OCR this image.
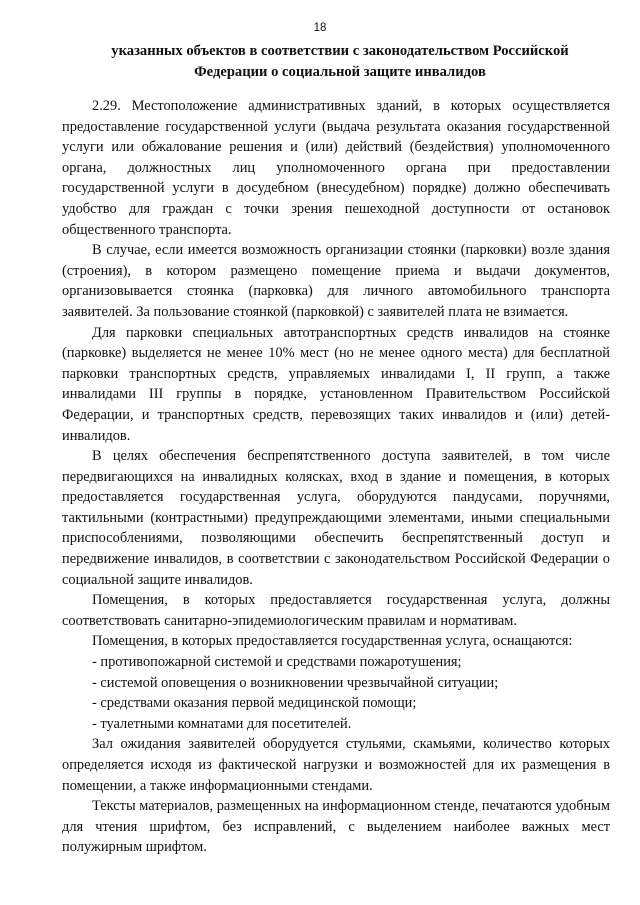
18
указанных объектов в соответствии с законодательством Российской
Федерации о социальной защите инвалидов

2.29. Местоположение административных зданий, в которых осуществляется предоставление государственной услуги (выдача результата оказания государственной услуги или обжалование решения и (или) действий (бездействия) уполномоченного органа, должностных лиц уполномоченного органа при предоставлении государственной услуги в досудебном (внесудебном) порядке) должно обеспечивать удобство для граждан с точки зрения пешеходной доступности от остановок общественного транспорта.

В случае, если имеется возможность организации стоянки (парковки) возле здания (строения), в котором размещено помещение приема и выдачи документов, организовывается стоянка (парковка) для личного автомобильного транспорта заявителей. За пользование стоянкой (парковкой) с заявителей плата не взимается.

Для парковки специальных автотранспортных средств инвалидов на стоянке (парковке) выделяется не менее 10% мест (но не менее одного места) для бесплатной парковки транспортных средств, управляемых инвалидами I, II групп, а также инвалидами III группы в порядке, установленном Правительством Российской Федерации, и транспортных средств, перевозящих таких инвалидов и (или) детей-инвалидов.

В целях обеспечения беспрепятственного доступа заявителей, в том числе передвигающихся на инвалидных колясках, вход в здание и помещения, в которых предоставляется государственная услуга, оборудуются пандусами, поручнями, тактильными (контрастными) предупреждающими элементами, иными специальными приспособлениями, позволяющими обеспечить беспрепятственный доступ и передвижение инвалидов, в соответствии с законодательством Российской Федерации о социальной защите инвалидов.

Помещения, в которых предоставляется государственная услуга, должны соответствовать санитарно-эпидемиологическим правилам и нормативам.

Помещения, в которых предоставляется государственная услуга, оснащаются:

- противопожарной системой и средствами пожаротушения;

- системой оповещения о возникновении чрезвычайной ситуации;

- средствами оказания первой медицинской помощи;

- туалетными комнатами для посетителей.

Зал ожидания заявителей оборудуется стульями, скамьями, количество которых определяется исходя из фактической нагрузки и возможностей для их размещения в помещении, а также информационными стендами.

Тексты материалов, размещенных на информационном стенде, печатаются удобным для чтения шрифтом, без исправлений, с выделением наиболее важных мест полужирным шрифтом.
